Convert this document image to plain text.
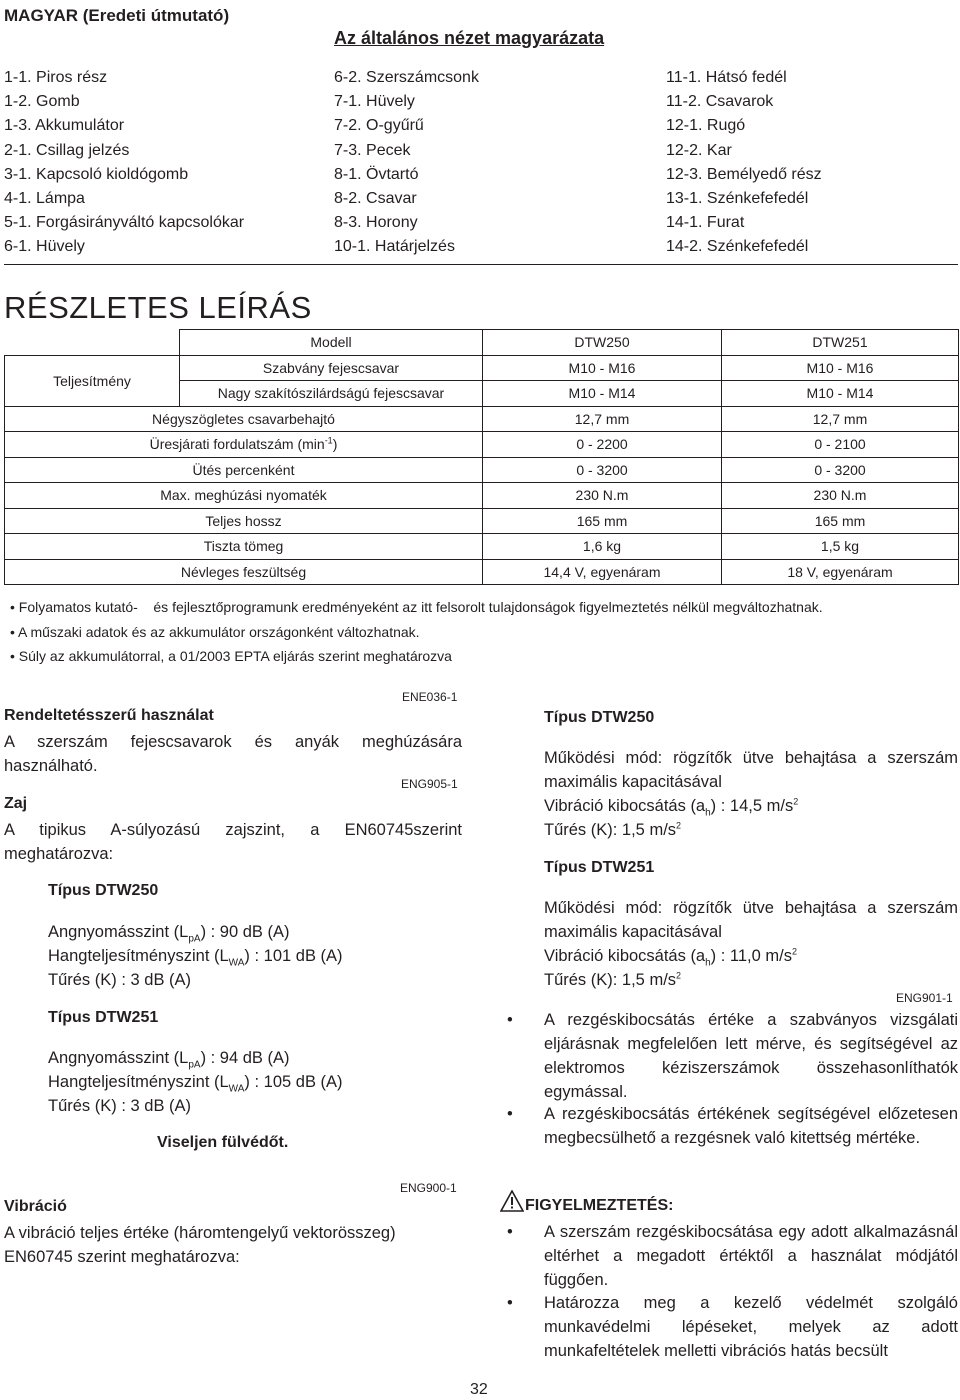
MAGYAR (Eredeti útmutató)
Az általános nézet magyarázata
1-1. Piros rész
1-2. Gomb
1-3. Akkumulátor
2-1. Csillag jelzés
3-1. Kapcsoló kioldógomb
4-1. Lámpa
5-1. Forgásirányváltó kapcsolókar
6-1. Hüvely
6-2. Szerszámcsonk
7-1. Hüvely
7-2. O-gyűrű
7-3. Pecek
8-1. Övtartó
8-2. Csavar
8-3. Horony
10-1. Határjelzés
11-1. Hátsó fedél
11-2. Csavarok
12-1. Rugó
12-2. Kar
12-3. Bemélyedő rész
13-1. Szénkefefedél
14-1. Furat
14-2. Szénkefefedél
RÉSZLETES LEÍRÁS
	Modell	DTW250	DTW251
Teljesítmény	Szabvány fejescsavar	M10 - M16	M10 - M16
	Nagy szakítószilárdságú fejescsavar	M10 - M14	M10 - M14
Négyszögletes csavarbehajtó		12,7 mm	12,7 mm
Üresjárati fordulatszám $(\min^{-1})$		0 - 2200	0 - 2100
Ütés percenként		0 - 3200	0 - 3200
Max. meghúzási nyomaték		230 N.m	230 N.m
Teljes hossz		165 mm	165 mm
Tiszta tömeg		1,6 kg	1,5 kg
Névleges feszültség		14,4 V, egyenáram	18 V, egyenáram
• Folyamatos kutató-    és fejlesztőprogramunk eredményeként az itt felsorolt tulajdonságok figyelmeztetés nélkül megváltozhatnak.
• A műszaki adatok és az akkumulátor országonként változhatnak.
• Súly az akkumulátorral, a 01/2003 EPTA eljárás szerint meghatározva
ENE036-1
Rendeltetésszerű használat
A szerszám fejescsavarok és anyák meghúzására használható.
ENG905-1
Zaj
A tipikus A-súlyozású zajszint, a EN60745szerint meghatározva:
Típus DTW250
Angnyomásszint $(L_{pA})$ : 90 dB (A)
Hangteljesítményszint $(L_{WA})$ : 101 dB (A)
Tűrés (K) : 3 dB (A)
Típus DTW251
Angnyomásszint $(L_{pA})$ : 94 dB (A)
Hangteljesítményszint $(L_{WA})$ : 105 dB (A)
Tűrés (K) : 3 dB (A)
Viseljen fülvédőt.
ENG900-1
Vibráció
A vibráció teljes értéke (háromtengelyű vektorösszeg) EN60745 szerint meghatározva:
Típus DTW250
Működési mód: rögzítők ütve behajtása a szerszám maximális kapacitásával
Vibráció kibocsátás $(a_h)$ : 14,5 $m/s^2$
Tűrés (K): 1,5 $m/s^2$
Típus DTW251
Működési mód: rögzítők ütve behajtása a szerszám maximális kapacitásával
Vibráció kibocsátás $(a_h)$ : 11,0 $m/s^2$
Tűrés (K): 1,5 $m/s^2$
ENG901-1
• A rezgéskibocsátás értéke a szabványos vizsgálati eljárásnak megfelelően lett mérve, és segítségével az elektromos kéziszerszámok összehasonlíthatók egymással.
• A rezgéskibocsátás értékének segítségével előzetesen megbecsülhető a rezgésnek való kitettség mértéke.
FIGYELMEZTETÉS:
• A szerszám rezgéskibocsátása egy adott alkalmazásnál eltérhet a megadott értéktől a használat módjától függően.
• Határozza meg a kezelő védelmét szolgáló munkavédelmi lépéseket, melyek az adott munkafeltételek melletti vibrációs hatás becsült
32
